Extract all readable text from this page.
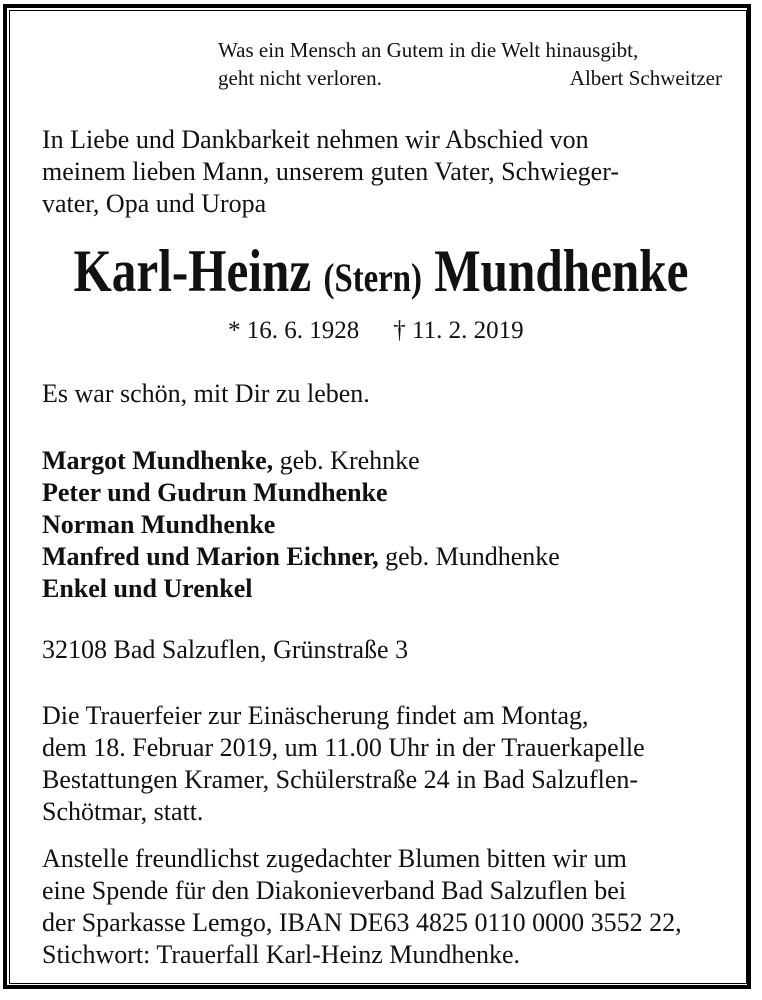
Was ein Mensch an Gutem in die Welt hinausgibt,
geht nicht verloren.	Albert Schweitzer
In Liebe und Dankbarkeit nehmen wir Abschied von
meinem lieben Mann, unserem guten Vater, Schwieger-
vater, Opa und Uropa
Karl-Heinz (Stern) Mundhenke
* 16. 6. 1928 † 11. 2. 2019
Es war schön, mit Dir zu leben.
Margot Mundhenke, geb. Krehnke
Peter und Gudrun Mundhenke
Norman Mundhenke
Manfred und Marion Eichner, geb. Mundhenke
Enkel und Urenkel
32108 Bad Salzuflen, Grünstraße 3
Die Trauerfeier zur Einäscherung findet am Montag,
dem 18. Februar 2019, um 11.00 Uhr in der Trauerkapelle
Bestattungen Kramer, Schülerstraße 24 in Bad Salzuflen-
Schötmar, statt.
Anstelle freundlichst zugedachter Blumen bitten wir um
eine Spende für den Diakonieverband Bad Salzuflen bei
der Sparkasse Lemgo, IBAN DE63 4825 0110 0000 3552 22,
Stichwort: Trauerfall Karl-Heinz Mundhenke.
